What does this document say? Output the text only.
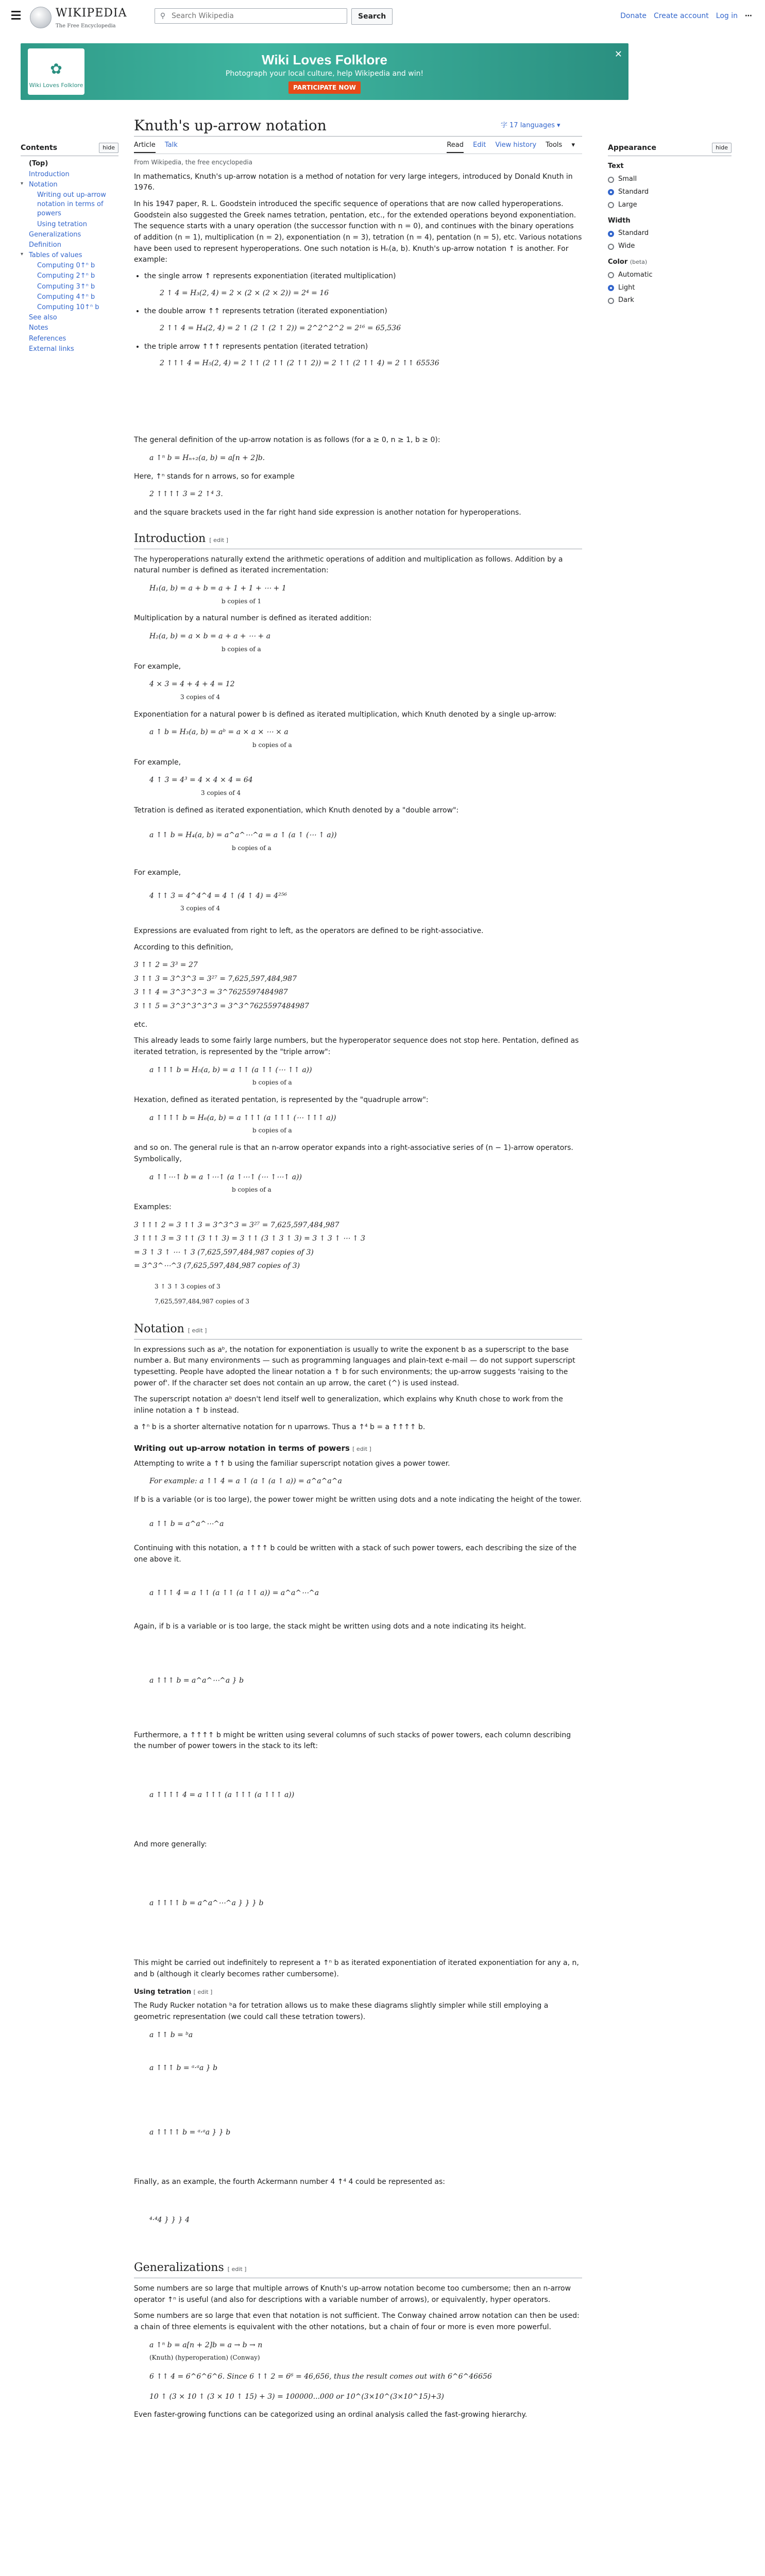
WIKIPEDIA
The Free Encyclopedia
⚲
Search Wikipedia	Search	Donate Create account Log in ⋯
✿
Wiki Loves Folklore
Wiki Loves Folklore
Photograph your local culture, help Wikipedia and win!
PARTICIPATE NOW
✕
Knuth's up-arrow notation	字 17 languages ▾
Article Talk	Read Edit View history Tools ▾
Contents	hide
(Top)
Introduction
▾ Notation
Writing out up-arrow notation in terms of powers
Using tetration
Generalizations
Definition
▾ Tables of values
Computing 0↑ⁿ b
Computing 2↑ⁿ b
Computing 3↑ⁿ b
Computing 4↑ⁿ b
Computing 10↑ⁿ b
See also
Notes
References
External links
Appearance	hide
Text
Small
Standard
Large
Width
Standard
Wide
Color (beta)
Automatic
Light
Dark
From Wikipedia, the free encyclopedia

In mathematics, Knuth's up-arrow notation is a method of notation for very large integers, introduced by Donald Knuth in 1976.

In his 1947 paper, R. L. Goodstein introduced the specific sequence of operations that are now called hyperoperations. Goodstein also suggested the Greek names tetration, pentation, etc., for the extended operations beyond exponentiation. The sequence starts with a unary operation (the successor function with n = 0), and continues with the binary operations of addition (n = 1), multiplication (n = 2), exponentiation (n = 3), tetration (n = 4), pentation (n = 5), etc. Various notations have been used to represent hyperoperations. One such notation is Hₙ(a, b). Knuth's up-arrow notation ↑ is another. For example:

• the single arrow ↑ represents exponentiation (iterated multiplication)
2 ↑ 4 = H₃(2, 4) = 2 × (2 × (2 × 2)) = 2⁴ = 16
• the double arrow ↑↑ represents tetration (iterated exponentiation)
2 ↑↑ 4 = H₄(2, 4) = 2 ↑ (2 ↑ (2 ↑ 2)) = 2^2^2^2 = 2¹⁶ = 65,536
• the triple arrow ↑↑↑ represents pentation (iterated tetration)
2 ↑↑↑ 4 = H₅(2, 4) = 2 ↑↑ (2 ↑↑ (2 ↑↑ 2)) = 2 ↑↑ (2 ↑↑ 4) = 2 ↑↑ 65536

The general definition of the up-arrow notation is as follows (for a ≥ 0, n ≥ 1, b ≥ 0):

a ↑ⁿ b = Hₙ₊₂(a, b) = a[n + 2]b.

Here, ↑ⁿ stands for n arrows, so for example

2 ↑↑↑↑ 3 = 2 ↑⁴ 3.

and the square brackets used in the far right hand side expression is another notation for hyperoperations.

Introduction [ edit ]

The hyperoperations naturally extend the arithmetic operations of addition and multiplication as follows. Addition by a natural number is defined as iterated incrementation:

H₁(a, b) = a + b = a + 1 + 1 + ⋯ + 1
b copies of 1

Multiplication by a natural number is defined as iterated addition:

H₂(a, b) = a × b = a + a + ⋯ + a
b copies of a

For example,

4 × 3 = 4 + 4 + 4 = 12
3 copies of 4

Exponentiation for a natural power b is defined as iterated multiplication, which Knuth denoted by a single up-arrow:

a ↑ b = H₃(a, b) = aᵇ = a × a × ⋯ × a
b copies of a

For example,

4 ↑ 3 = 4³ = 4 × 4 × 4 = 64
3 copies of 4

Tetration is defined as iterated exponentiation, which Knuth denoted by a "double arrow":

a ↑↑ b = H₄(a, b) = a^a^⋯^a = a ↑ (a ↑ (⋯ ↑ a))
b copies of a

For example,

4 ↑↑ 3 = 4^4^4 = 4 ↑ (4 ↑ 4) = 4²⁵⁶
3 copies of 4

Expressions are evaluated from right to left, as the operators are defined to be right-associative.

According to this definition,

3 ↑↑ 2 = 3³ = 27
3 ↑↑ 3 = 3^3^3 = 3²⁷ = 7,625,597,484,987
3 ↑↑ 4 = 3^3^3^3 = 3^7625597484987
3 ↑↑ 5 = 3^3^3^3^3 = 3^3^7625597484987

etc.

This already leads to some fairly large numbers, but the hyperoperator sequence does not stop here. Pentation, defined as iterated tetration, is represented by the "triple arrow":

a ↑↑↑ b = H₅(a, b) = a ↑↑ (a ↑↑ (⋯ ↑↑ a))
b copies of a

Hexation, defined as iterated pentation, is represented by the "quadruple arrow":

a ↑↑↑↑ b = H₆(a, b) = a ↑↑↑ (a ↑↑↑ (⋯ ↑↑↑ a))
b copies of a

and so on. The general rule is that an n-arrow operator expands into a right-associative series of (n − 1)-arrow operators. Symbolically,

a ↑↑⋯↑ b = a ↑⋯↑ (a ↑⋯↑ (⋯ ↑⋯↑ a))
b copies of a

Examples:

3 ↑↑↑ 2 = 3 ↑↑ 3 = 3^3^3 = 3²⁷ = 7,625,597,484,987
3 ↑↑↑ 3 = 3 ↑↑ (3 ↑↑ 3) = 3 ↑↑ (3 ↑ 3 ↑ 3) = 3 ↑ 3 ↑ ⋯ ↑ 3
= 3 ↑ 3 ↑ ⋯ ↑ 3 (7,625,597,484,987 copies of 3)
= 3^3^⋯^3 (7,625,597,484,987 copies of 3)
3 ↑ 3 ↑ 3 copies of 3
7,625,597,484,987 copies of 3
Notation [ edit ]

In expressions such as aᵇ, the notation for exponentiation is usually to write the exponent b as a superscript to the base number a. But many environments — such as programming languages and plain-text e-mail — do not support superscript typesetting. People have adopted the linear notation a ↑ b for such environments; the up-arrow suggests 'raising to the power of'. If the character set does not contain an up arrow, the caret (^) is used instead.

The superscript notation aᵇ doesn't lend itself well to generalization, which explains why Knuth chose to work from the inline notation a ↑ b instead.

a ↑ⁿ b is a shorter alternative notation for n uparrows. Thus a ↑⁴ b = a ↑↑↑↑ b.

Writing out up-arrow notation in terms of powers [ edit ]

Attempting to write a ↑↑ b using the familiar superscript notation gives a power tower.

For example: a ↑↑ 4 = a ↑ (a ↑ (a ↑ a)) = a^a^a^a

If b is a variable (or is too large), the power tower might be written using dots and a note indicating the height of the tower.

a ↑↑ b = a^a^⋯^a

Continuing with this notation, a ↑↑↑ b could be written with a stack of such power towers, each describing the size of the one above it.

a ↑↑↑ 4 = a ↑↑ (a ↑↑ (a ↑↑ a)) = a^a^⋯^a

Again, if b is a variable or is too large, the stack might be written using dots and a note indicating its height.

a ↑↑↑ b = a^a^⋯^a } b

Furthermore, a ↑↑↑↑ b might be written using several columns of such stacks of power towers, each column describing the number of power towers in the stack to its left:

a ↑↑↑↑ 4 = a ↑↑↑ (a ↑↑↑ (a ↑↑↑ a))

And more generally:

a ↑↑↑↑ b = a^a^⋯^a } } } b

This might be carried out indefinitely to represent a ↑ⁿ b as iterated exponentiation of iterated exponentiation for any a, n, and b (although it clearly becomes rather cumbersome).

Using tetration [ edit ]

The Rudy Rucker notation ᵇa for tetration allows us to make these diagrams slightly simpler while still employing a geometric representation (we could call these tetration towers).

a ↑↑ b = ᵇa
a ↑↑↑ b = ᵃ·ᵃa } b
a ↑↑↑↑ b = ᵃ·ᵃa } } b

Finally, as an example, the fourth Ackermann number 4 ↑⁴ 4 could be represented as:

⁴·⁴4 } } } 4
Generalizations [ edit ]

Some numbers are so large that multiple arrows of Knuth's up-arrow notation become too cumbersome; then an n-arrow operator ↑ⁿ is useful (and also for descriptions with a variable number of arrows), or equivalently, hyper operators.

Some numbers are so large that even that notation is not sufficient. The Conway chained arrow notation can then be used: a chain of three elements is equivalent with the other notations, but a chain of four or more is even more powerful.

a ↑ⁿ b = a[n + 2]b = a → b → n
(Knuth) (hyperoperation) (Conway)
6 ↑↑ 4 = 6^6^6^6. Since 6 ↑↑ 2 = 6⁶ = 46,656, thus the result comes out with 6^6^46656
10 ↑ (3 × 10 ↑ (3 × 10 ↑ 15) + 3) = 100000...000 or 10^(3×10^(3×10^15)+3)

Even faster-growing functions can be categorized using an ordinal analysis called the fast-growing hierarchy.
